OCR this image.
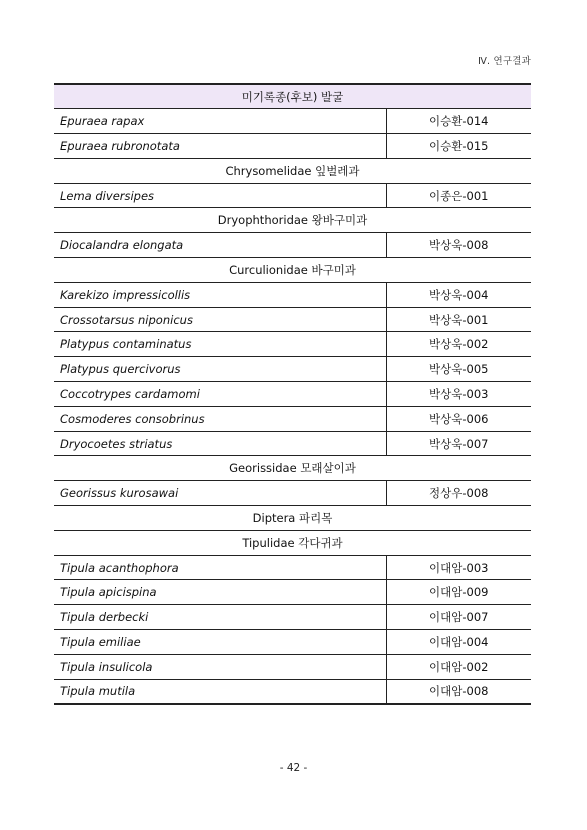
Ⅳ. 연구결과
미기록종(후보) 발굴	
Epuraea rapax	이승환-014
Epuraea rubronotata	이승환-015
Chrysomelidae 잎벌레과	
Lema diversipes	이종은-001
Dryophthoridae 왕바구미과	
Diocalandra elongata	박상욱-008
Curculionidae 바구미과	
Karekizo impressicollis	박상욱-004
Crossotarsus niponicus	박상욱-001
Platypus contaminatus	박상욱-002
Platypus quercivorus	박상욱-005
Coccotrypes cardamomi	박상욱-003
Cosmoderes consobrinus	박상욱-006
Dryocoetes striatus	박상욱-007
Georissidae 모래살이과	
Georissus kurosawai	정상우-008
Diptera 파리목	
Tipulidae 각다귀과	
Tipula acanthophora	이대암-003
Tipula apicispina	이대암-009
Tipula derbecki	이대암-007
Tipula emiliae	이대암-004
Tipula insulicola	이대암-002
Tipula mutila	이대암-008
- 42 -
